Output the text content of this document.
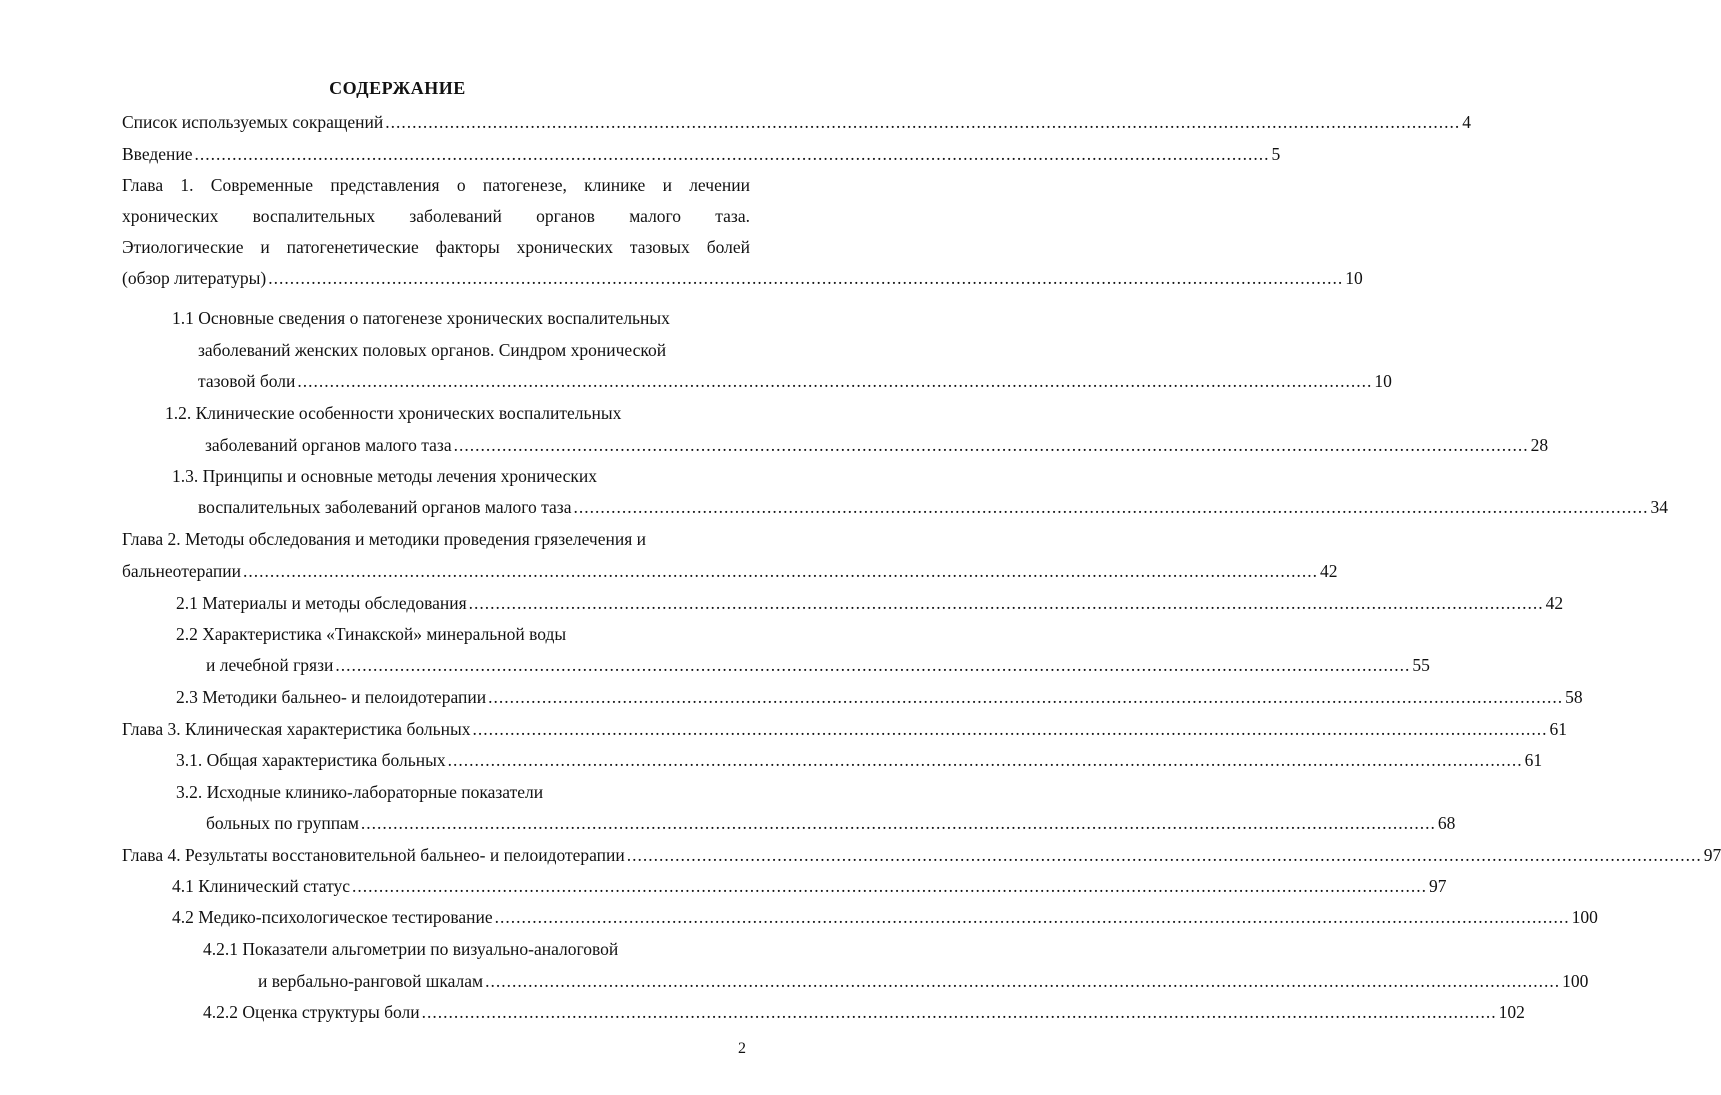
СОДЕРЖАНИЕ
Список используемых сокращений ........................................................................................................................................................................................................ 4
Введение ........................................................................................................................................................................................................ 5
Глава 1. Современные представления о патогенезе, клинике и лечении
хронических воспалительных заболеваний органов малого таза.
Этиологические и патогенетические факторы хронических тазовых болей
(обзор литературы) ........................................................................................................................................................................................................ 10
1.1 Основные сведения о патогенезе хронических воспалительных
заболеваний женских половых органов. Синдром хронической
тазовой боли ........................................................................................................................................................................................................ 10
1.2. Клинические особенности хронических воспалительных
заболеваний органов малого таза ........................................................................................................................................................................................................ 28
1.3. Принципы и основные методы лечения хронических
воспалительных заболеваний органов малого таза ........................................................................................................................................................................................................ 34
Глава 2. Методы обследования и методики проведения грязелечения и
бальнеотерапии ........................................................................................................................................................................................................ 42
2.1 Материалы и методы обследования ........................................................................................................................................................................................................ 42
2.2 Характеристика «Тинакской» минеральной воды
и лечебной грязи ........................................................................................................................................................................................................ 55
2.3 Методики бальнео- и пелоидотерапии ........................................................................................................................................................................................................ 58
Глава 3. Клиническая характеристика больных ........................................................................................................................................................................................................ 61
3.1. Общая характеристика больных ........................................................................................................................................................................................................ 61
3.2. Исходные клинико-лабораторные показатели
больных по группам ........................................................................................................................................................................................................ 68
Глава 4. Результаты восстановительной бальнео- и пелоидотерапии ........................................................................................................................................................................................................ 97
4.1 Клинический статус ........................................................................................................................................................................................................ 97
4.2 Медико-психологическое тестирование ........................................................................................................................................................................................................ 100
4.2.1 Показатели альгометрии по визуально-аналоговой
и вербально-ранговой шкалам ........................................................................................................................................................................................................ 100
4.2.2 Оценка структуры боли ........................................................................................................................................................................................................ 102
2
